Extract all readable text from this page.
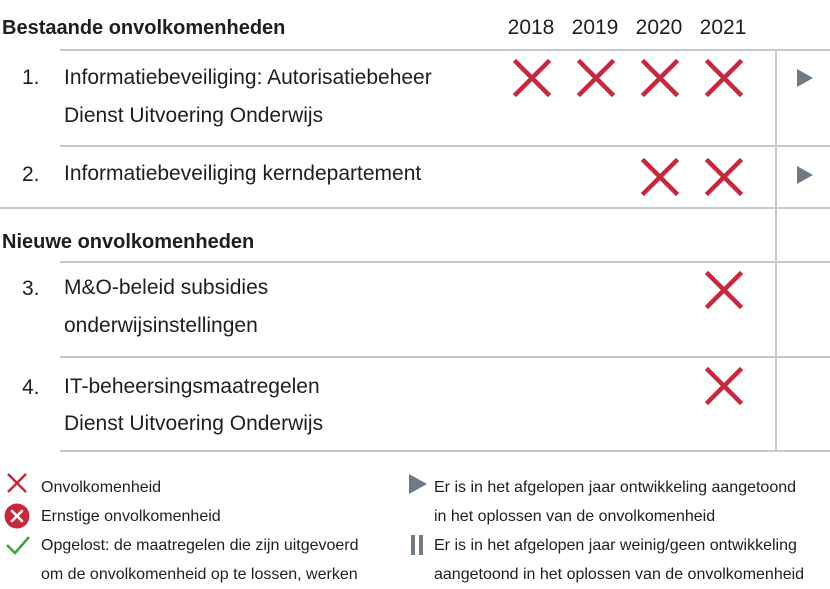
Bestaande onvolkomenheden	2018 2019 2020 2021
1. Informatiebeveiliging: Autorisatiebeheer
Dienst Uitvoering Onderwijs
2. Informatiebeveiliging kerndepartement
Nieuwe onvolkomenheden
3. M&O-beleid subsidies
onderwijsinstellingen
4. IT-beheersingsmaatregelen
Dienst Uitvoering Onderwijs
Onvolkomenheid
Ernstige onvolkomenheid
Opgelost: de maatregelen die zijn uitgevoerd
om de onvolkomenheid op te lossen, werken
Er is in het afgelopen jaar ontwikkeling aangetoond
in het oplossen van de onvolkomenheid
Er is in het afgelopen jaar weinig/geen ontwikkeling
aangetoond in het oplossen van de onvolkomenheid
